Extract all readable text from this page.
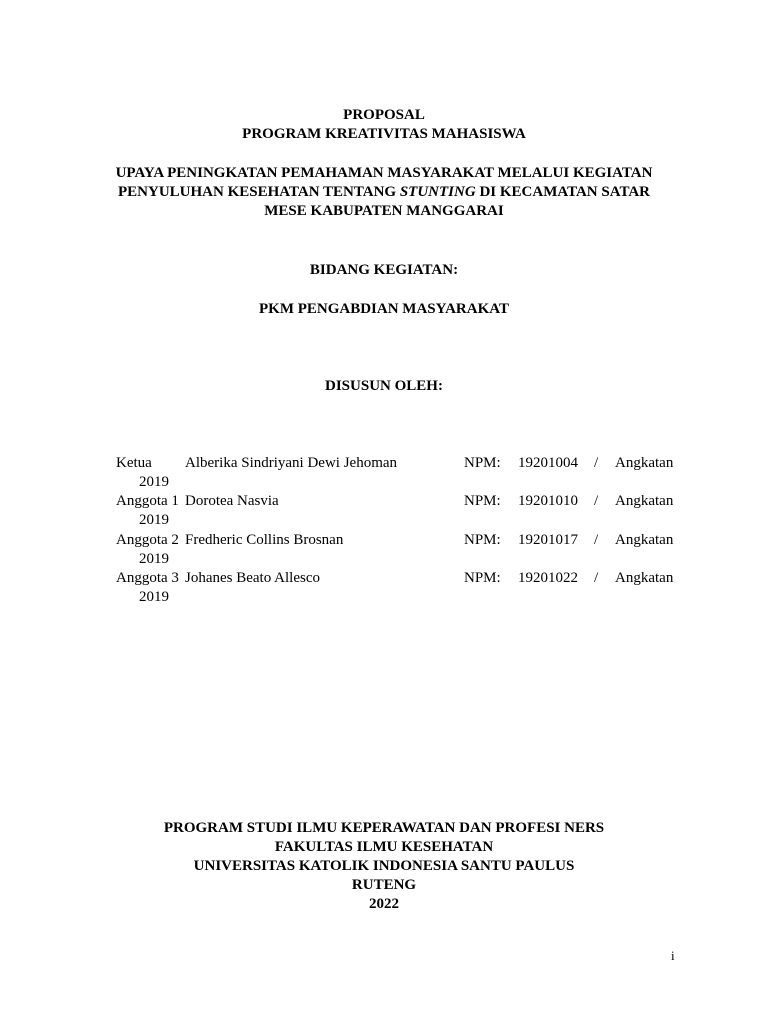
PROPOSAL
PROGRAM KREATIVITAS MAHASISWA
UPAYA PENINGKATAN PEMAHAMAN MASYARAKAT MELALUI KEGIATAN
PENYULUHAN KESEHATAN TENTANG STUNTING DI KECAMATAN SATAR
MESE KABUPATEN MANGGARAI
BIDANG KEGIATAN:
PKM PENGABDIAN MASYARAKAT
DISUSUN OLEH:
Ketua Alberika Sindriyani Dewi Jehoman	NPM: 19201004 / Angkatan
2019
Anggota 1 Dorotea Nasvia	NPM: 19201010 / Angkatan
2019
Anggota 2 Fredheric Collins Brosnan	NPM: 19201017 / Angkatan
2019
Anggota 3 Johanes Beato Allesco	NPM: 19201022 / Angkatan
2019
PROGRAM STUDI ILMU KEPERAWATAN DAN PROFESI NERS
FAKULTAS ILMU KESEHATAN
UNIVERSITAS KATOLIK INDONESIA SANTU PAULUS
RUTENG
2022
i
